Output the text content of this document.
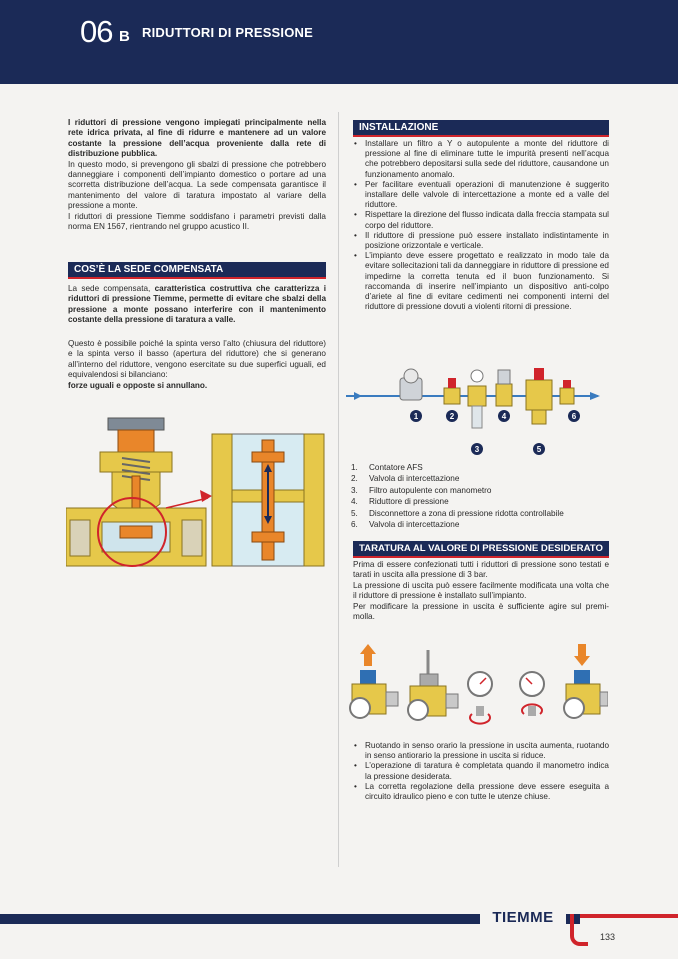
06 B RIDUTTORI DI PRESSIONE
I riduttori di pressione vengono impiegati principalmente nella rete idrica privata, al fine di ridurre e mantenere ad un valore costante la pressione dell’acqua proveniente dalla rete di distribuzione pubblica.
In questo modo, si prevengono gli sbalzi di pressione che potrebbero danneggiare i componenti dell’impianto domestico o portare ad una scorretta distribuzione dell’acqua. La sede compensata garantisce il mantenimento del valore di taratura impostato al variare della pressione a monte.
I riduttori di pressione Tiemme soddisfano i parametri previsti dalla norma EN 1567, rientrando nel gruppo acustico II.
COS’È LA SEDE COMPENSATA
La sede compensata, caratteristica costruttiva che caratterizza i riduttori di pressione Tiemme, permette di evitare che sbalzi della pressione a monte possano interferire con il mantenimento costante della pressione di taratura a valle.
Questo è possibile poiché la spinta verso l’alto (chiusura del riduttore) e la spinta verso il basso (apertura del riduttore) che si generano all’interno del riduttore, vengono esercitate su due superfici uguali, ed equivalendosi si bilanciano:
forze uguali e opposte si annullano.
INSTALLAZIONE
• Installare un filtro a Y o autopulente a monte del riduttore di pressione al fine di eliminare tutte le impurità presenti nell’acqua che potrebbero depositarsi sulla sede del riduttore, causandone un funzionamento anomalo.
• Per facilitare eventuali operazioni di manutenzione è suggerito installare delle valvole di intercettazione a monte ed a valle del riduttore.
• Rispettare la direzione del flusso indicata dalla freccia stampata sul corpo del riduttore.
• Il riduttore di pressione può essere installato indistintamente in posizione orizzontale e verticale.
• L’impianto deve essere progettato e realizzato in modo tale da evitare sollecitazioni tali da danneggiare in riduttore di pressione ed impedirne la corretta tenuta ed il buon funzionamento. Si raccomanda di inserire nell’impianto un dispositivo anti-colpo d’ariete al fine di evitare cedimenti nei componenti interni del riduttore di pressione dovuti a violenti ritorni di pressione.
1	2
3
4
5
6
1. Contatore AFS
2. Valvola di intercettazione
3. Filtro autopulente con manometro
4. Riduttore di pressione
5. Disconnettore a zona di pressione ridotta controllabile
6. Valvola di intercettazione
TARATURA AL VALORE DI PRESSIONE DESIDERATO
Prima di essere confezionati tutti i riduttori di pressione sono testati e tarati in uscita alla pressione di 3 bar.
La pressione di uscita può essere facilmente modificata una volta che il riduttore di pressione è installato sull’impianto.
Per modificare la pressione in uscita è sufficiente agire sul premi-molla.
• Ruotando in senso orario la pressione in uscita aumenta, ruotando in senso antiorario la pressione in uscita si riduce.
• L’operazione di taratura è completata quando il manometro indica la pressione desiderata.
• La corretta regolazione della pressione deve essere eseguita a circuito idraulico pieno e con tutte le utenze chiuse.
TIEMME
133
